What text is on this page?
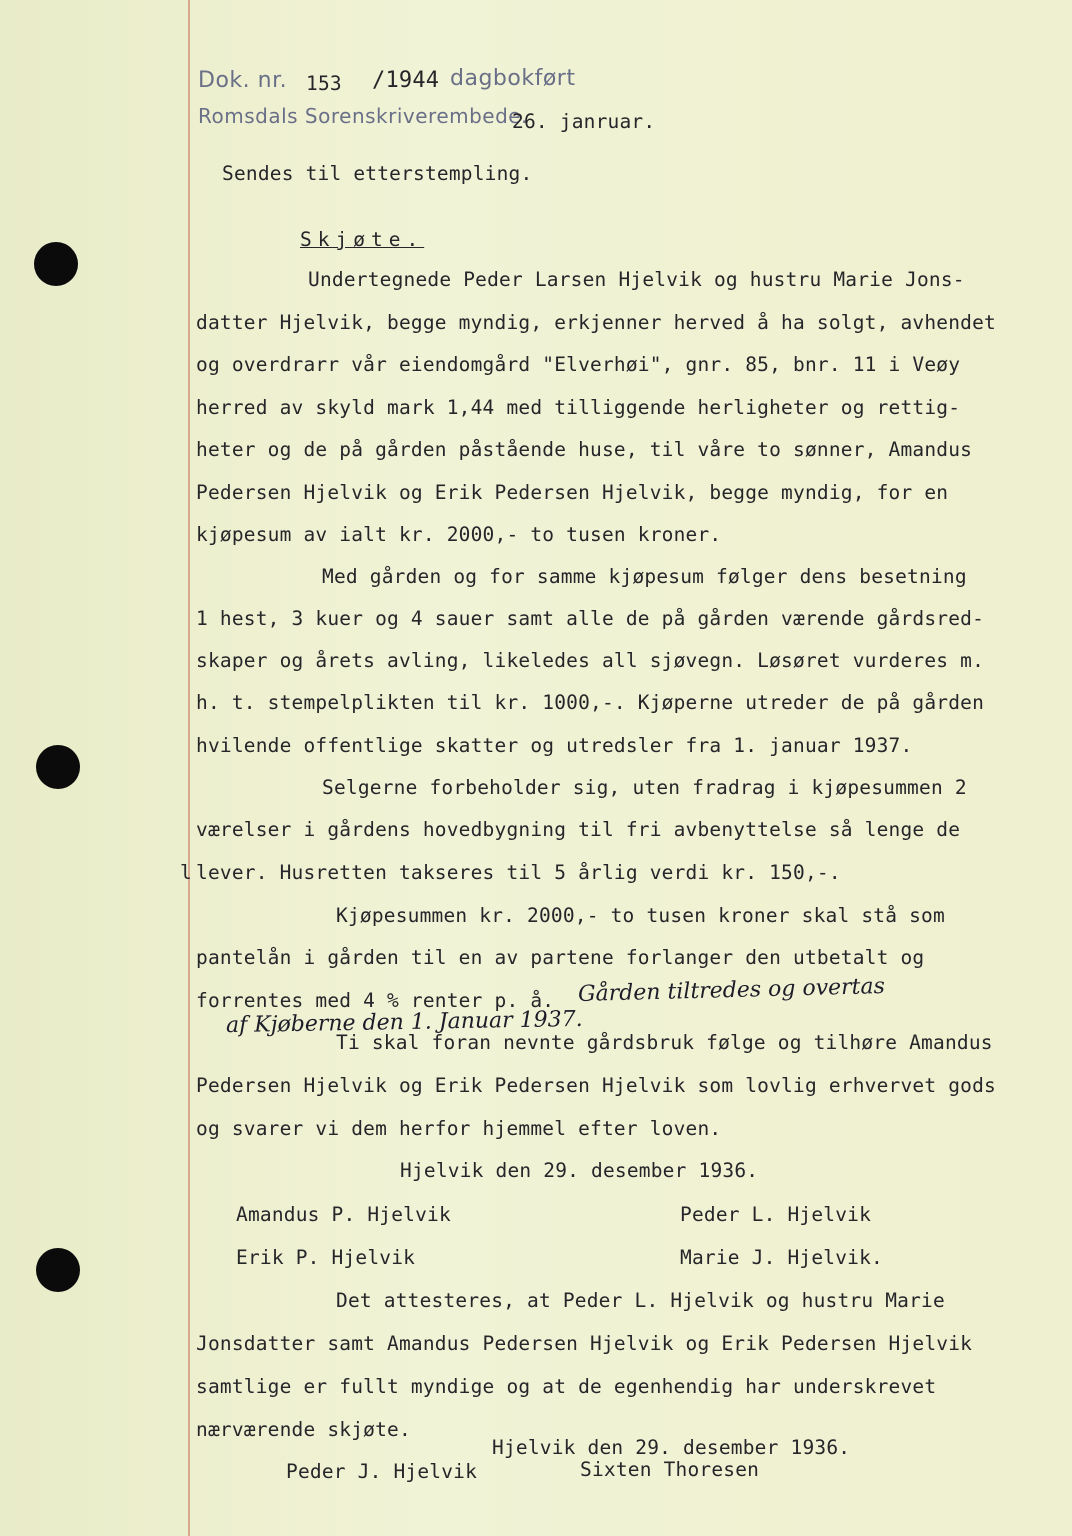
Dok. nr. 153 /1944 dagbokført
Romsdals Sorenskriverembede.
26. janruar.
Sendes til etterstempling.
Skjøte.
Undertegnede Peder Larsen Hjelvik og hustru Marie Jons-
datter Hjelvik, begge myndig, erkjenner herved å ha solgt, avhendet
og overdrarr vår eiendomgård "Elverhøi", gnr. 85, bnr. 11 i Veøy
herred av skyld mark 1,44 med tilliggende herligheter og rettig-
heter og de på gården påstående huse, til våre to sønner, Amandus
Pedersen Hjelvik og Erik Pedersen Hjelvik, begge myndig, for en
kjøpesum av ialt kr. 2000,- to tusen kroner.
Med gården og for samme kjøpesum følger dens besetning
1 hest, 3 kuer og 4 sauer samt alle de på gården værende gårdsred-
skaper og årets avling, likeledes all sjøvegn. Løsøret vurderes m.
h. t. stempelplikten til kr. 1000,-. Kjøperne utreder de på gården
hvilende offentlige skatter og utredsler fra 1. januar 1937.
Selgerne forbeholder sig, uten fradrag i kjøpesummen 2
værelser i gårdens hovedbygning til fri avbenyttelse så lenge de
l lever. Husretten takseres til 5 årlig verdi kr. 150,-.
Kjøpesummen kr. 2000,- to tusen kroner skal stå som
pantelån i gården til en av partene forlanger den utbetalt og
forrentes med 4 % renter p. å. Gården tiltredes og overtas
af Kjøberne den 1. Januar 1937.
Ti skal foran nevnte gårdsbruk følge og tilhøre Amandus
Pedersen Hjelvik og Erik Pedersen Hjelvik som lovlig erhvervet gods
og svarer vi dem herfor hjemmel efter loven.
Hjelvik den 29. desember 1936.
Amandus P. Hjelvik	Peder L. Hjelvik
Erik P. Hjelvik	Marie J. Hjelvik.
Det attesteres, at Peder L. Hjelvik og hustru Marie
Jonsdatter samt Amandus Pedersen Hjelvik og Erik Pedersen Hjelvik
samtlige er fullt myndige og at de egenhendig har underskrevet
nærværende skjøte.
Hjelvik den 29. desember 1936.
Peder J. Hjelvik	Sixten Thoresen
